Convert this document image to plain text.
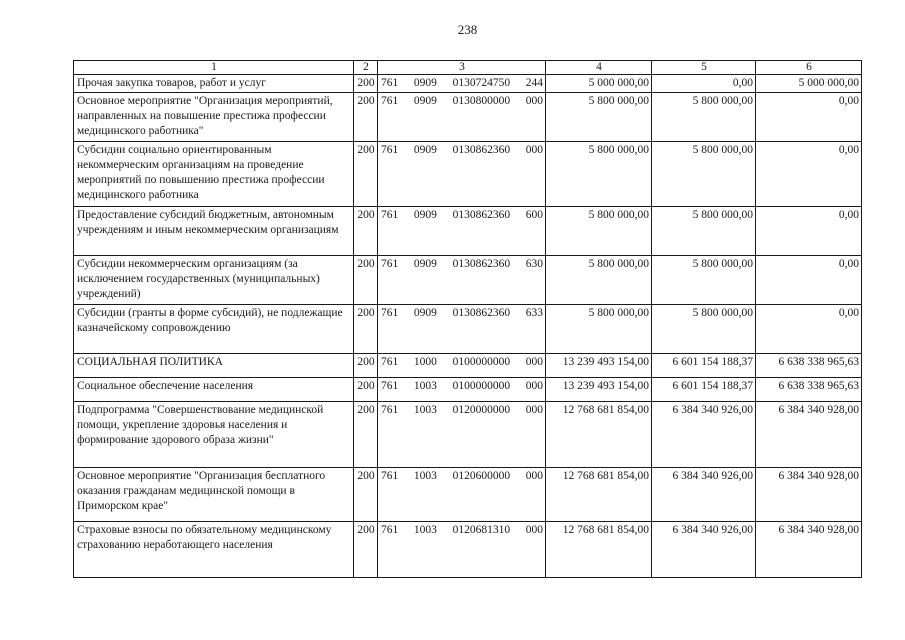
238
1	2	3	4	5	6
Прочая закупка товаров, работ и услуг	200	761 0909 0130724750 244	5 000 000,00	0,00	5 000 000,00
Основное мероприятие "Организация мероприятий, направленных на повышение престижа профессии медицинского работника"	200	761 0909 0130800000 000	5 800 000,00	5 800 000,00	0,00
Субсидии социально ориентированным некоммерческим организациям на проведение мероприятий по повышению престижа профессии медицинского работника	200	761 0909 0130862360 000	5 800 000,00	5 800 000,00	0,00
Предоставление субсидий бюджетным, автономным учреждениям и иным некоммерческим организациям	200	761 0909 0130862360 600	5 800 000,00	5 800 000,00	0,00
Субсидии некоммерческим организациям (за исключением государственных (муниципальных) учреждений)	200	761 0909 0130862360 630	5 800 000,00	5 800 000,00	0,00
Субсидии (гранты в форме субсидий), не подлежащие казначейскому сопровождению	200	761 0909 0130862360 633	5 800 000,00	5 800 000,00	0,00
СОЦИАЛЬНАЯ ПОЛИТИКА	200	761 1000 0100000000 000	13 239 493 154,00	6 601 154 188,37	6 638 338 965,63
Социальное обеспечение населения	200	761 1003 0100000000 000	13 239 493 154,00	6 601 154 188,37	6 638 338 965,63
Подпрограмма "Совершенствование медицинской помощи, укрепление здоровья населения и формирование здорового образа жизни"	200	761 1003 0120000000 000	12 768 681 854,00	6 384 340 926,00	6 384 340 928,00
Основное мероприятие "Организация бесплатного оказания гражданам медицинской помощи в Приморском крае"	200	761 1003 0120600000 000	12 768 681 854,00	6 384 340 926,00	6 384 340 928,00
Страховые взносы по обязательному медицинскому страхованию неработающего населения	200	761 1003 0120681310 000	12 768 681 854,00	6 384 340 926,00	6 384 340 928,00
